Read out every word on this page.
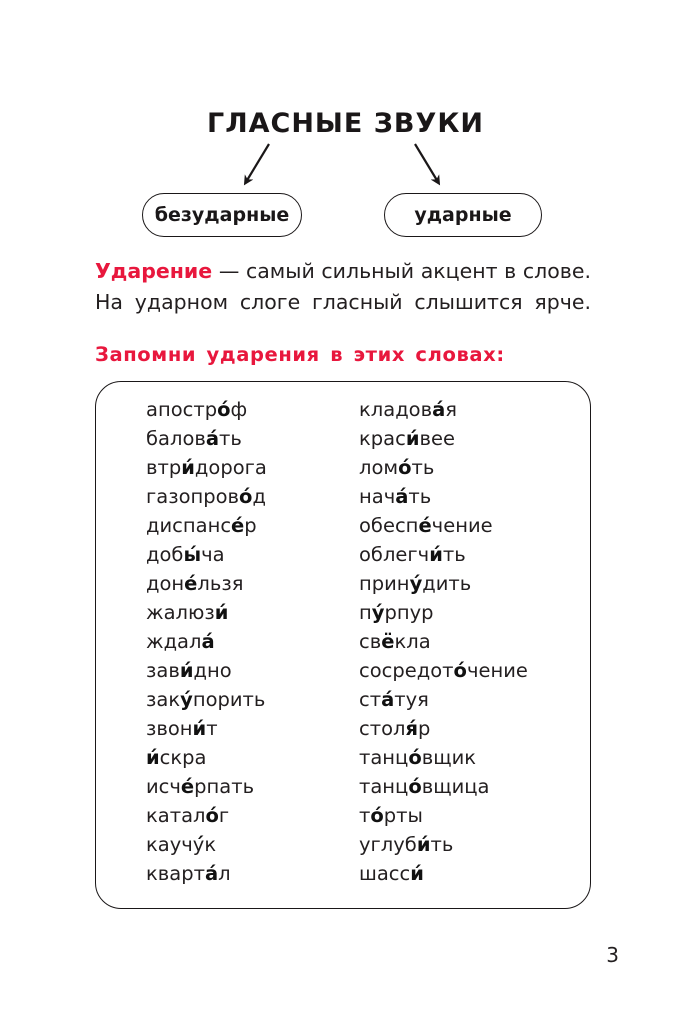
ГЛАСНЫЕ ЗВУКИ
безударные	ударные
Ударение — самый сильный акцент в слове.
На ударном слоге гласный слышится ярче.
Запомни ударения в этих словах:
апостро́ф
балова́ть
втри́дорога
газопрово́д
диспансе́р
добы́ча
доне́льзя
жалюзи́
ждала́
зави́дно
заку́порить
звони́т
и́скра
исче́рпать
катало́г
каучук
кварта́л
кладова́я
краси́вее
ломо́ть
нача́ть
обеспе́чение
облегчи́ть
прину́дить
пу́рпур
свёкла
сосредото́чение
ста́туя
столя́р
танцо́вщик
танцо́вщица
то́рты
углуби́ть
шасси́
3
